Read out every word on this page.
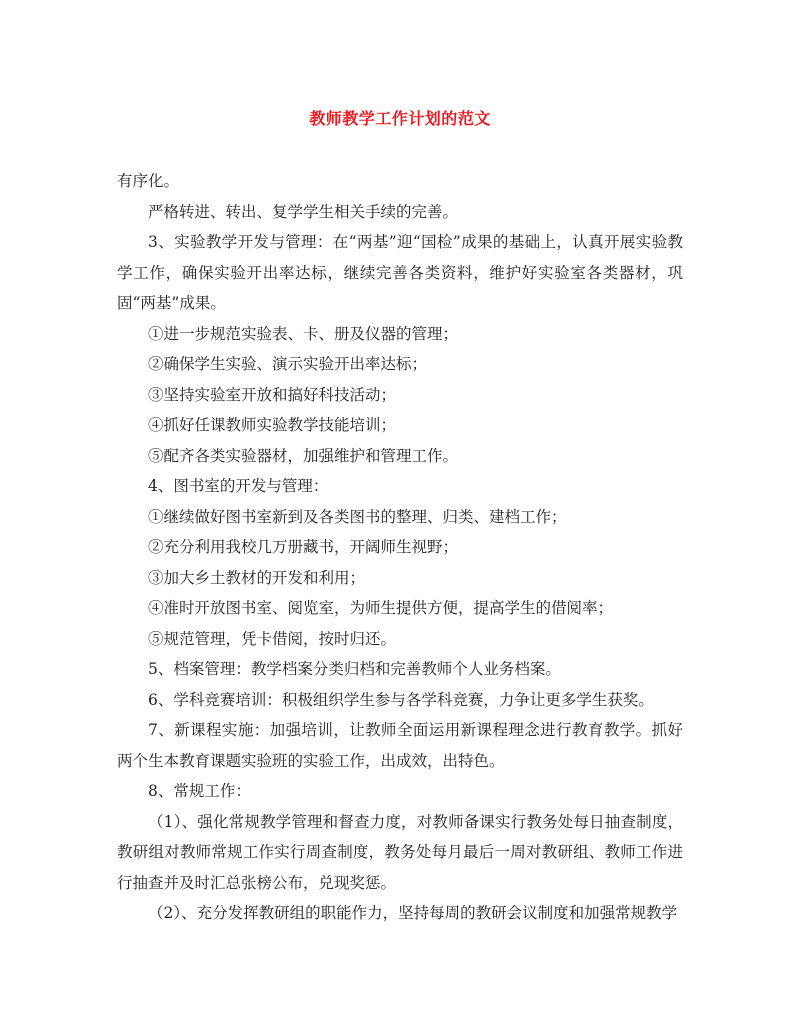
教师教学工作计划的范文

有序化。

严格转进、转出、复学学生相关手续的完善。

3、实验教学开发与管理：在“两基”迎“国检”成果的基础上，认真开展实验教学工作，确保实验开出率达标，继续完善各类资料，维护好实验室各类器材，巩固“两基”成果。

①进一步规范实验表、卡、册及仪器的管理；

②确保学生实验、演示实验开出率达标；

③坚持实验室开放和搞好科技活动；

④抓好任课教师实验教学技能培训；

⑤配齐各类实验器材，加强维护和管理工作。

4、图书室的开发与管理：

①继续做好图书室新到及各类图书的整理、归类、建档工作；

②充分利用我校几万册藏书，开阔师生视野；

③加大乡土教材的开发和利用；

④准时开放图书室、阅览室，为师生提供方便，提高学生的借阅率；

⑤规范管理，凭卡借阅，按时归还。

5、档案管理：教学档案分类归档和完善教师个人业务档案。

6、学科竞赛培训：积极组织学生参与各学科竞赛，力争让更多学生获奖。

7、新课程实施：加强培训，让教师全面运用新课程理念进行教育教学。抓好两个生本教育课题实验班的实验工作，出成效，出特色。

8、常规工作：

（1）、强化常规教学管理和督查力度，对教师备课实行教务处每日抽查制度，教研组对教师常规工作实行周查制度，教务处每月最后一周对教研组、教师工作进行抽查并及时汇总张榜公布，兑现奖惩。

（2）、充分发挥教研组的职能作力，坚持每周的教研会议制度和加强常规教学
